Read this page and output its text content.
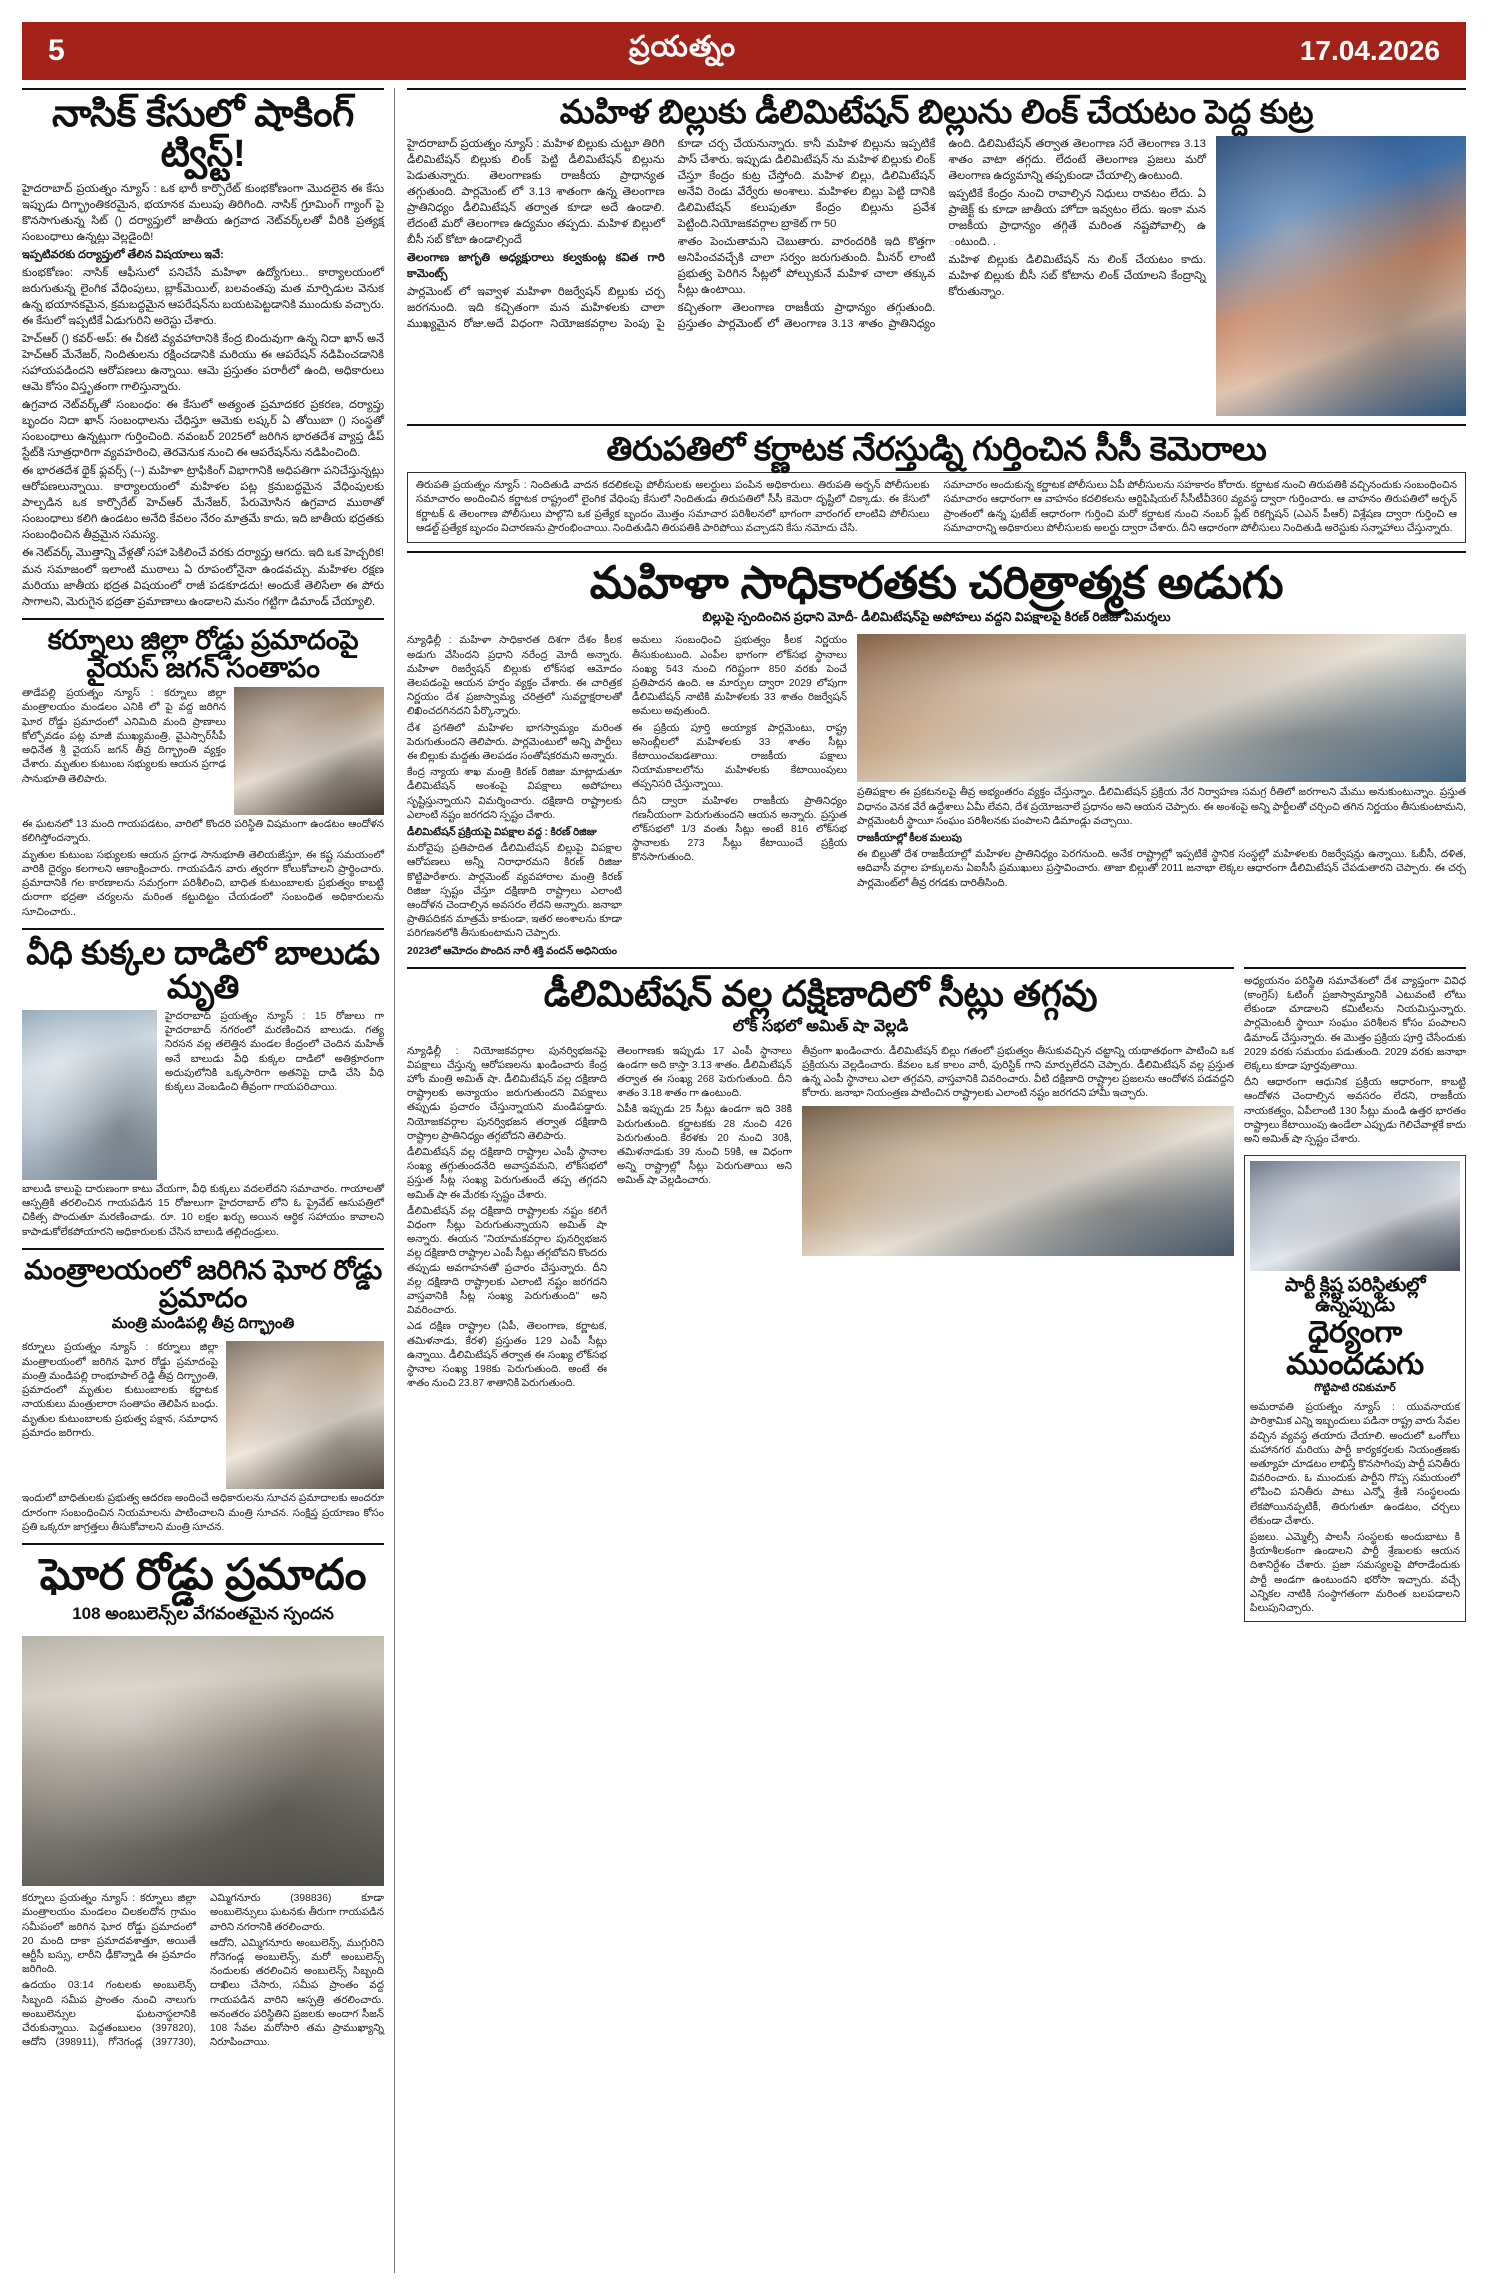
5	ప్రయత్నం	17.04.2026
నాసిక్ కేసులో షాకింగ్ ట్విస్ట్!

హైదరాబాద్ ప్రయత్నం న్యూస్ : ఒక భారీ కార్పొరేట్ కుంభకోణంగా మొదలైన ఈ కేసు ఇప్పుడు దిగ్భ్రాంతికరమైన, భయానక మలుపు తిరిగింది. నాసిక్ గ్రూమింగ్ గ్యాంగ్ పై కొనసాగుతున్న సిట్ () దర్యాప్తులో జాతీయ ఉగ్రవాద నెట్‌వర్క్‌లతో వీరికి ప్రత్యక్ష సంబంధాలు ఉన్నట్లు వెల్లడైంది!

ఇప్పటివరకు దర్యాప్తులో తేలిన విషయాలు ఇవే:

కుంభకోణం: నాసిక్ ఆఫీసులో పనిచేసే మహిళా ఉద్యోగులు.. కార్యాలయంలో జరుగుతున్న లైంగిక వేధింపులు, బ్లాక్‌మెయిల్, బలవంతపు మత మార్పిడుల వెనుక ఉన్న భయానకమైన, క్రమబద్ధమైన ఆపరేషన్‌ను బయటపెట్టడానికి ముందుకు వచ్చారు. ఈ కేసులో ఇప్పటికే ఏడుగురిని అరెస్టు చేశారు.

హెచ్ఆర్ () కవర్-అప్: ఈ చీకటి వ్యవహారానికి కేంద్ర బిందువుగా ఉన్న నిదా ఖాన్ అనే హెచ్ఆర్ మేనేజర్, నిందితులను రక్షించడానికి మరియు ఈ ఆపరేషన్ నడిపించడానికి సహాయపడిందని ఆరోపణలు ఉన్నాయి. ఆమె ప్రస్తుతం పరారీలో ఉంది, అధికారులు ఆమె కోసం విస్తృతంగా గాలిస్తున్నారు.

ఉగ్రవాద నెట్‌వర్క్‌తో సంబంధం: ఈ కేసులో అత్యంత ప్రమాదకర ప్రకరణ, దర్యాప్తు బృందం నిదా ఖాన్ సంబంధాలను చేధిస్తూ ఆమెకు లష్కర్ ఏ తోయిబా () సంస్థతో సంబంధాలు ఉన్నట్లుగా గుర్తించింది. నవంబర్ 2025లో జరిగిన భారతదేశ వ్యాప్త డీప్ స్టేట్‌కి సూత్రధారిగా వ్యవహరించి, తెరవెనుక నుంచి ఈ ఆపరేషన్‌ను నడిపించింది.

ఈ భారతదేశ థైక్ ఫ్లవర్స్ (--) మహిళా ట్రాఫికింగ్ విభాగానికి అధిపతిగా పనిచేస్తున్నట్లు ఆరోపణలున్నాయి. కార్యాలయంలో మహిళల పట్ల క్రమబద్ధమైన వేధింపులకు పాల్పడిన ఒక కార్పొరేట్ హెచ్ఆర్ మేనేజర్, పేరుమోసిన ఉగ్రవాద ముఠాతో సంబంధాలు కలిగి ఉండటం అనేది కేవలం నేరం మాత్రమే కాదు, ఇది జాతీయ భద్రతకు సంబంధించిన తీవ్రమైన సమస్య.

ఈ నెట్‌వర్క్ మొత్తాన్ని వేళ్లతో సహా పెకిలించే వరకు దర్యాప్తు ఆగదు. ఇది ఒక హెచ్చరిక! మన సమాజంలో ఇలాంటి ముఠాలు ఏ రూపంలోనైనా ఉండవచ్చు. మహిళల రక్షణ మరియు జాతీయ భద్రత విషయంలో రాజీ పడకూడదు! అందుకే తెలిసేలా ఈ పోరు సాగాలని, మెరుగైన భద్రతా ప్రమాణాలు ఉండాలని మనం గట్టిగా డిమాండ్ చేయ్యాలి.

కర్నూలు జిల్లా రోడ్డు ప్రమాదంపై వైయస్ జగన్ సంతాపం

తాడేపల్లి ప్రయత్నం న్యూస్ : కర్నూలు జిల్లా మంత్రాలయం మండలం ఎనికి లో పై వద్ద జరిగిన ఘోర రోడ్డు ప్రమాదంలో ఎనిమిది మంది ప్రాణాలు కోల్పోవడం పట్ల మాజీ ముఖ్యమంత్రి, వైఎస్సార్‌సీపీ అధినేత శ్రీ వైయస్ జగన్ తీవ్ర దిగ్భ్రాంతి వ్యక్తం చేశారు. మృతుల కుటుంబ సభ్యులకు ఆయన ప్రగాఢ సానుభూతి తెలిపారు.

ఈ ఘటనలో 13 మంది గాయపడటం, వారిలో కొందరి పరిస్థితి విషమంగా ఉండటం ఆందోళన కలిగిస్తోందన్నారు.

మృతుల కుటుంబ సభ్యులకు ఆయన ప్రగాఢ సానుభూతి తెలియజేస్తూ, ఈ కష్ట సమయంలో వారికి దైర్యం కలగాలని ఆకాంక్షించారు. గాయపడిన వారు త్వరగా కోలుకోవాలని ప్రార్థించారు. ప్రమాదానికి గల కారణాలను సమగ్రంగా పరిశీలించి, బాధిత కుటుంబాలకు ప్రభుత్వం కాబట్టి దురాగా భద్రతా చర్యలను మరింత కట్టుదిట్టం చేయడంలో సంబంధిత అధికారులను సూచించారు..

వీధి కుక్కల దాడిలో బాలుడు మృతి

హైదరాబాద్ ప్రయత్నం న్యూస్ : 15 రోజులు గా హైదరాబాద్ నగరంలో మరణించిన బాలుడు. గత్య నిరసన వల్ల తలెత్తిన మండల కేంద్రంలో చెందిన మహిత్ అనే బాలుడు వీధి కుక్కల దాడిలో అతిక్రూరంగా అదుపులోనికి ఒక్కసారిగా అతనిపై దాడి చేసి వీధి కుక్కలు వెంబడించి తీవ్రంగా గాయపరిచాయి.

బాలుడి కాలుపై దారుణంగా కాటు వేయగా, వీధి కుక్కలు వదలలేదని సమాచారం. గాయాలతో ఆస్పత్రికి తరలించిన గాయపడిన 15 రోజులుగా హైదరాబాద్ లోని ఓ ప్రైవేట్ ఆసుపత్రిలో చికిత్స పొందుతూ మరణించాడు. రూ. 10 లక్షల ఖర్చు అయిన ఆర్థిక సహాయం కావాలని కాపాడుకోలేకపోయారని అధికారులకు చేసిన బాలుడి తల్లిదండ్రులు.

మంత్రాలయంలో జరిగిన ఘోర రోడ్డు ప్రమాదం
మంత్రి మండిపల్లి తీవ్ర దిగ్భ్రాంతి

కర్నూలు ప్రయత్నం న్యూస్ : కర్నూలు జిల్లా మంత్రాలయంలో జరిగిన ఘోర రోడ్డు ప్రమాదంపై మంత్రి మండిపల్లి రాంభూపాల్ రెడ్డి తీవ్ర దిగ్భ్రాంతి, ప్రమాదంలో మృతుల కుటుంబాలకు కర్ణాటక నాయకులు మంత్రులారా సంతాపం తెలిపిన బంధు. మృతుల కుటుంబాలకు ప్రభుత్వ పక్షాన, సమాధాన ప్రమాదం జరిగారు.

ఇందులో బాధితులకు ప్రభుత్వ ఆదరణ అందించే అధికారులను సూచన ప్రమాదాలకు అందరూ దూరంగా సంబంధించిన నియమాలను పాటించాలని మంత్రి సూచన. సంక్షిప్త ప్రయాణం కోసం ప్రతి ఒక్కరూ జాగ్రత్తలు తీసుకోవాలని మంత్రి సూచన.

ఘోర రోడ్డు ప్రమాదం
108 అంబులెన్స్‌ల వేగవంతమైన స్పందన

కర్నూలు ప్రయత్నం న్యూస్ : కర్నూలు జిల్లా మంత్రాలయం మండలం చిలకలదోన గ్రామం సమీపంలో జరిగిన ఘోర రోడ్డు ప్రమాదంలో 20 మంది దాకా ప్రమాదవశాత్తూ, అయితే ఆర్టీసీ బస్సు, లారీని ఢీకొన్నాడి ఈ ప్రమాదం జరిగింది.

ఉదయం 03:14 గంటలకు అంబులెన్స్ సిబ్బంది సమీప ప్రాంతం నుంచి నాలుగు అంబులెన్సుల ఘటనాస్థలానికి చేరుకున్నాయి. పెద్దతంబులం (397820), ఆదోని (398911), గోనెగండ్ల (397730), ఎమ్మిగనూరు (398836) కూడా అంబులెన్సులు ఘటనకు తీరుగా గాయపడిన వారిని నగరానికి తరలించారు.

ఆదోని, ఎమ్మిగనూరు అంబులెన్స్, ముగ్గురిని గోనెగండ్ల అంబులెన్స్, మరో అంబులెన్స్ నందులకు తరలించిన అంబులెన్స్ సిబ్బంది దాఖిలు చేసారు, సమీప ప్రాంతం వద్ద గాయపడిన వారిని ఆస్పత్రి తరలించారు. అనంతరం పరిస్థితిని ప్రజలకు అందాగ సీజన్ 108 సేవల మరోసారి తమ ప్రాముఖ్యాన్ని నిరూపించాయి.

మహిళ బిల్లుకు డీలిమిటేషన్ బిల్లును లింక్ చేయటం పెద్ద కుట్ర

హైదరాబాద్ ప్రయత్నం న్యూస్ : మహిళ బిల్లుకు చుట్టూ తిరిగి డీలిమిటేషన్ బిల్లుకు లింక్ పెట్టి డీలిమిటేషన్ బిల్లును పెడుతున్నారు. తెలంగాణకు రాజకీయ ప్రాధాన్యత తగ్గుతుంది. పార్లమెంట్ లో 3.13 శాతంగా ఉన్న తెలంగాణ ప్రాతినిధ్యం డీలిమిటేషన్ తర్వాత కూడా అదే ఉండాలి. లేదంటే మరో తెలంగాణ ఉద్యమం తప్పదు. మహిళ బిల్లులో బీసీ సబ్ కోటా ఉండాల్సిందే

తెలంగాణ జాగృతి అధ్యక్షురాలు కల్వకుంట్ల కవిత గారి కామెంట్స్

పార్లమెంట్ లో ఇవ్వాళ మహిళా రిజర్వేషన్ బిల్లుకు చర్చ జరగనుంది. ఇది కచ్చితంగా మన మహిళలకు చాలా ముఖ్యమైన రోజు.అదే విధంగా నియోజకవర్గాల పెంపు పై కూడా చర్చ చేయనున్నారు. కానీ మహిళ బిల్లును ఇప్పటికే పాస్ చేశారు. ఇప్పుడు డిలిమిటేషన్ ను మహిళ బిల్లుకు లింక్ చేస్తూ కేంద్రం కుట్ర చేస్తోంది. మహిళ బిల్లు, డిలిమిటేషన్ అనేవి రెండు వేర్వేరు అంశాలు. మహిళల బిల్లు పెట్టి దానికి డిలిమిటేషన్ కలుపుతూ కేంద్రం బిల్లును ప్రవేశ పెట్టింది.నియోజకవర్గాల బ్రాకెట్ గా 50

శాతం పెంచుతామని చెబుతారు. వారందరికి ఇది కొత్తగా అనిపించవచ్చేకి చాలా సర్వం జరుగుతుంది. మీనర్ లాంటి ప్రభుత్వ పెరిగిన సీట్లలో పోల్చుకునే మహిళ చాలా తక్కువ సీట్లు ఉంటాయి.

కచ్చితంగా తెలంగాణ రాజకీయ ప్రాధాన్యం తగ్గుతుంది. ప్రస్తుతం పార్లమెంట్ లో తెలంగాణ 3.13 శాతం ప్రాతినిధ్యం ఉంది. డిలిమిటేషన్ తర్వాత తెలంగాణ సరే తెలంగాణ 3.13 శాతం వాటా తగ్గదు. లేదంటే తెలంగాణ ప్రజలు మరో తెలంగాణ ఉద్యమాన్ని తప్పకుండా చేయాల్సి ఉంటుంది.

ఇప్పటికే కేంద్రం నుంచి రావాల్సిన నిధులు రావటం లేదు. ఏ ప్రాజెక్ట్ కు కూడా జాతీయ హోదా ఇవ్వటం లేదు. ఇంకా మన రాజకీయ ప్రాధాన్యం తగ్గితే మరింత నష్టపోవాల్సి ఉ ంటుంది. .

మహిళ బిల్లుకు డిలిమిటేషన్ ను లింక్ చేయటం కాదు. మహిళ బిల్లుకు బీసీ సబ్ కోటాను లింక్ చేయాలని కేంద్రాన్ని కోరుతున్నాం.

తిరుపతిలో కర్ణాటక నేరస్తుడ్ని గుర్తించిన సీసీ కెమెరాలు

తిరుపతి ప్రయత్నం న్యూస్ : నిందితుడి వాదన కదలికలపై పోలీసులకు అలర్టులు పంపిన అధికారులు. తిరుపతి అర్బన్ పోలీసులకు సమాచారం అందించిన కర్ణాటక రాష్ట్రంలో లైంగిక వేధింపు కేసులో నిందితుడు తిరుపతిలో సీసీ కెమెరా దృష్టిలో చిక్కాడు. ఈ కేసులో కర్ణాటక్ & తెలంగాణ పోలీసులు పాల్గొని ఒక ప్రత్యేక బృందం మొత్తం సమాచార పరిశీలనలో భాగంగా వారంగల్ లాంటివి పోలీసులు ఆడల్ట్ ప్రత్యేక బృందం విచారణను ప్రారంభించాయి. నిందితుడిని తిరుపతికి పారిపోయి వచ్చాడని కేసు నమోదు చేసి.

సమాచారం అందుకున్న కర్ణాటక పోలీసులు ఏపీ పోలీసులను సహకారం కోరారు. కర్ణాటక నుంచి తిరుపతికి వచ్చినందుకు సంబంధించిన సమాచారం ఆధారంగా ఆ వాహనం కదలికలను ఆర్టిఫిషియల్ సీసీటీవీ360 వ్యవస్థ ద్వారా గుర్తించారు. ఆ వాహనం తిరుపతిలో అర్బన్ ప్రాంతంలో ఉన్న ఫుటేజ్ ఆధారంగా గుర్తించి మరో కర్ణాటక నుంచి నంబర్ ప్లేట్ రికగ్నిషన్ (ఎఎన్ పీఆర్) విశ్లేషణ ద్వారా గుర్తించి ఆ సమాచారాన్ని అధికారులు పోలీసులకు అలర్టు ద్వారా చేశారు. దీని ఆధారంగా పోలీసులు నిందితుడి అరెస్టుకు సన్నాహాలు చేస్తున్నారు.

మహిళా సాధికారతకు చరిత్రాత్మక అడుగు
బిల్లుపై స్పందించిన ప్రధాని మోదీ- డీలిమిటేషన్‌పై అపోహలు వద్దని విపక్షాలపై కిరణ్ రిజిజు విమర్శలు

న్యూఢిల్లీ : మహిళా సాధికారత దిశగా దేశం కీలక అడుగు వేసిందని ప్రధాని నరేంద్ర మోదీ అన్నారు. మహిళా రిజర్వేషన్ బిల్లుకు లోక్‌సభ ఆమోదం తెలపడంపై ఆయన హర్షం వ్యక్తం చేశారు. ఈ చారిత్రక నిర్ణయం దేశ ప్రజాస్వామ్య చరిత్రలో సువర్ణాక్షరాలతో లిఖించదగినదని పేర్కొన్నారు.

దేశ ప్రగతిలో మహిళల భాగస్వామ్యం మరింత పెరుగుతుందని తెలిపారు. పార్లమెంటులో అన్ని పార్టీలు ఈ బిల్లుకు మద్దతు తెలపడం సంతోషకరమని అన్నారు.

కేంద్ర న్యాయ శాఖ మంత్రి కిరణ్ రిజిజు మాట్లాడుతూ డీలిమిటేషన్ అంశంపై విపక్షాలు అపోహలు సృష్టిస్తున్నాయని విమర్శించారు. దక్షిణాది రాష్ట్రాలకు ఎలాంటి నష్టం జరగదని స్పష్టం చేశారు.

డీలిమిటేషన్ ప్రక్రియపై విపక్షాల వద్ద : కిరణ్ రిజిజు

మరోవైపు ప్రతిపాదిత డీలిమిటేషన్ బిల్లుపై విపక్షాల ఆరోపణలు అన్నీ నిరాధారమని కిరణ్ రిజిజు కొట్టిపారేశారు. పార్లమెంట్ వ్యవహారాల మంత్రి కిరణ్ రిజిజు స్పష్టం చేస్తూ దక్షిణాది రాష్ట్రాలు ఎలాంటి ఆందోళన చెందాల్సిన అవసరం లేదని అన్నారు. జనాభా ప్రాతిపదికన మాత్రమే కాకుండా, ఇతర అంశాలను కూడా పరిగణనలోకి తీసుకుంటామని చెప్పారు.

2023లో ఆమోదం పొందిన నారీ శక్తి వందన్ అధినియం

అమలు సంబంధించి ప్రభుత్వం కీలక నిర్ణయం తీసుకుంటుంది. ఎంపీల భాగంగా లోక్‌సభ స్థానాలు సంఖ్య 543 నుంచి గరిష్టంగా 850 వరకు పెంచే ప్రతిపాదన ఉంది. ఆ మార్పుల ద్వారా 2029 లోపుగా డీలిమిటేషన్ నాటికి మహిళలకు 33 శాతం రిజర్వేషన్ అమలు అవుతుంది.

ఈ ప్రక్రియ పూర్తి అయ్యాక పార్లమెంటు, రాష్ట్ర అసెంబ్లీలలో మహిళలకు 33 శాతం సీట్లు కేటాయించబడతాయి. రాజకీయ పక్షాలు నియామకాలలోను మహిళలకు కేటాయింపులు తప్పనిసరి చేస్తున్నాయి.

దీని ద్వారా మహిళల రాజకీయ ప్రాతినిధ్యం గణనీయంగా పెరుగుతుందని ఆయన అన్నారు. ప్రస్తుత లోక్‌సభలో 1/3 వంతు సీట్లు అంటే 816 లోక్‌సభ స్థానాలకు 273 సీట్లు కేటాయించే ప్రక్రియ కొనసాగుతుంది.

ప్రతిపక్షాల ఈ ప్రకటనలపై తీవ్ర అభ్యంతరం వ్యక్తం చేస్తున్నాం. డీలిమిటేషన్ ప్రక్రియ నేర నిర్వాహణ సమగ్ర రీతిలో జరగాలని మేము అనుకుంటున్నాం. ప్రస్తుత విధానం వెనక వేరే ఉద్దేశాలు ఏమీ లేవని, దేశ ప్రయోజనాలే ప్రధానం అని ఆయన చెప్పారు. ఈ అంశంపై అన్ని పార్టీలతో చర్చించి తగిన నిర్ణయం తీసుకుంటామని, పార్లమెంటరీ స్థాయీ సంఘం పరిశీలనకు పంపాలని డిమాండ్లు వచ్చాయి.

రాజకీయాల్లో కీలక మలుపు

ఈ బిల్లుతో దేశ రాజకీయాల్లో మహిళల ప్రాతినిధ్యం పెరగనుంది. అనేక రాష్ట్రాల్లో ఇప్పటికే స్థానిక సంస్థల్లో మహిళలకు రిజర్వేషన్లు ఉన్నాయి. ఓబీసీ, దళిత, ఆదివాసీ వర్గాల హక్కులను ఏఐసీసీ ప్రముఖులు ప్రస్తావించారు. తాజా బిల్లుతో 2011 జనాభా లెక్కల ఆధారంగా డీలిమిటేషన్ చేపడుతారని చెప్పారు. ఈ చర్చ పార్లమెంట్‌లో తీవ్ర రగడకు దారితీసింది.

డీలిమిటేషన్ వల్ల దక్షిణాదిలో సీట్లు తగ్గవు
లోక్ సభలో అమిత్ షా వెల్లడి

న్యూఢిల్లీ : నియోజకవర్గాల పునర్విభజనపై విపక్షాలు చేస్తున్న ఆరోపణలను ఖండించారు కేంద్ర హోం మంత్రి అమిత్ షా. డీలిమిటేషన్ వల్ల దక్షిణాది రాష్ట్రాలకు అన్యాయం జరుగుతుందని విపక్షాలు తప్పుడు ప్రచారం చేస్తున్నాయని మండిపడ్డారు. నియోజకవర్గాల పునర్విభజన తర్వాత దక్షిణాది రాష్ట్రాల ప్రాతినిధ్యం తగ్గబోదని తెలిపారు.

డీలిమిటేషన్ వల్ల దక్షిణాది రాష్ట్రాల ఎంపీ స్థానాల సంఖ్య తగ్గుతుందనేది అవాస్తవమని, లోక్‌సభలో ప్రస్తుత సీట్ల సంఖ్య పెరుగుతుందే తప్ప తగ్గదని అమిత్ షా ఈ మేరకు స్పష్టం చేశారు.

డీలిమిటేషన్ వల్ల దక్షిణాది రాష్ట్రాలకు నష్టం కలిగే విధంగా సీట్లు పెరుగుతున్నాయని అమిత్ షా అన్నారు. ఈయన "నియామకవర్గాల పునర్విభజన వల్ల దక్షిణాది రాష్ట్రాల ఎంపీ సీట్లు తగ్గబోవని కొందరు తప్పుడు అవగాహనతో ప్రచారం చేస్తున్నారు. దీని వల్ల దక్షిణాది రాష్ట్రాలకు ఎలాంటి నష్టం జరగదని వాస్తవానికి సీట్ల సంఖ్య పెరుగుతుంది" అని వివరించారు.

ఎడ దక్షిణ రాష్ట్రాల (ఏపీ, తెలంగాణ, కర్ణాటక, తమిళనాడు, కేరళ) ప్రస్తుతం 129 ఎంపీ సీట్లు ఉన్నాయి. డీలిమిటేషన్ తర్వాత ఈ సంఖ్య లోక్‌సభ స్థానాల సంఖ్య 198కు పెరుగుతుంది. అంటే ఈ శాతం నుంచి 23.87 శాతానికి పెరుగుతుంది.

తెలంగాణకు ఇప్పుడు 17 ఎంపీ స్థానాలు ఉండగా అది కాస్తా 3.13 శాతం. డీలిమిటేషన్ తర్వాత ఈ సంఖ్య 268 పెరుగుతుంది. దీని శాతం 3.18 శాతం గా ఉంటుంది.

ఏపీకి ఇప్పుడు 25 సీట్లు ఉండగా ఇది 38కి పెరుగుతుంది. కర్ణాటకకు 28 నుంచి 426 పెరుగుతుంది. కేరళకు 20 నుంచి 30కి, తమిళనాడుకు 39 నుంచి 59కి, ఆ విధంగా అన్ని రాష్ట్రాల్లో సీట్లు పెరుగుతాయి అని అమిత్ షా వెల్లడించారు.

తీవ్రంగా ఖండించారు. డీలిమిటేషన్ బిల్లు గతంలో ప్రభుత్వం తీసుకువచ్చిన చట్టాన్ని యథాతథంగా పాటించి ఒక ప్రక్రియను వెల్లడించారు. కేవలం ఒక కాలం వారీ, ఫురిస్టిక్ గాని మార్పులేదని చెప్పారు. డీలిమిటేషన్ వల్ల ప్రస్తుత ఉన్న ఎంపీ స్థానాలు ఎలా తగ్గవని, వాస్తవానికి వివరించారు. వీటి దక్షిణాది రాష్ట్రాల ప్రజలను ఆందోళన పడవద్దని కోరారు. జనాభా నియంత్రణ పాటించిన రాష్ట్రాలకు ఎలాంటి నష్టం జరగదని హామీ ఇచ్చారు.

అధ్యయనం పరిస్థితి సమావేశంలో దేశ వ్యాప్తంగా వివిధ (కాంగ్రెస్) ఓటింగ్ ప్రజాస్వామ్యానికి ఎటువంటి లోటు లేకుండా చూడాలని కమిటీలను నియమిస్తున్నారు. పార్లమెంటరీ స్థాయీ సంఘం పరిశీలన కోసం పంపాలని డిమాండ్ చేస్తున్నారు. ఈ మొత్తం ప్రక్రియ పూర్తి చేసేందుకు 2029 వరకు సమయం పడుతుంది. 2029 వరకు జనాభా లెక్కలు కూడా పూర్తవుతాయి.

దీని ఆధారంగా ఆధునిక ప్రక్రియ ఆధారంగా, కాబట్టి ఆందోళన చెందాల్సిన అవసరం లేదని, రాజకీయ నాయకత్వం, ఏపీలాంటి 130 సీట్లు మండి ఉత్తర భారతం రాష్ట్రాలు కేటాయింపు ఉండేలా ఎప్పుడు గెలిచేవాళ్లకే కాదు అని అమిత్ షా స్పష్టం చేశారు.

పార్టీ క్లిష్ట పరిస్థితుల్లో ఉన్నప్పుడు
ధైర్యంగా ముందడుగు
గొట్టిపాటి రవికుమార్

అమరావతి ప్రయత్నం న్యూస్ : యువనాయక పారిశ్రామిక ఎన్ని ఇబ్బందులు పడినా రాష్ట్ర వారు సేవల వచ్చిన వ్యవస్థ తయారు చేయాలి. అందులో ఒంగోలు మహానగర మరియు పార్టీ కార్యకర్తలకు నియంత్రణకు అత్యూహ చూడటం లాభిస్తే కొనసాగింపు పార్టీ పనితీరు వివరించారు. ఓ ముందుకు పార్టీని గొప్ప సమయంలో లోపించి పనితీరు పాటు ఎన్నో శ్రేణి సంస్థలందు లేకపోయినప్పటికీ, తిరుగుతూ ఉండటం, చర్చలు లేకుండా చేశారు.

ప్రజలు. ఎమ్మెల్సీ పాలసీ సంస్థలకు అందుబాటు కి క్రియాశీలకంగా ఉండాలని పార్టీ శ్రేణులకు ఆయన దిశానిర్దేశం చేశారు. ప్రజా సమస్యలపై పోరాడేందుకు పార్టీ అండగా ఉంటుందని భరోసా ఇచ్చారు. వచ్చే ఎన్నికల నాటికి సంస్థాగతంగా మరింత బలపడాలని పిలుపునిచ్చారు.
